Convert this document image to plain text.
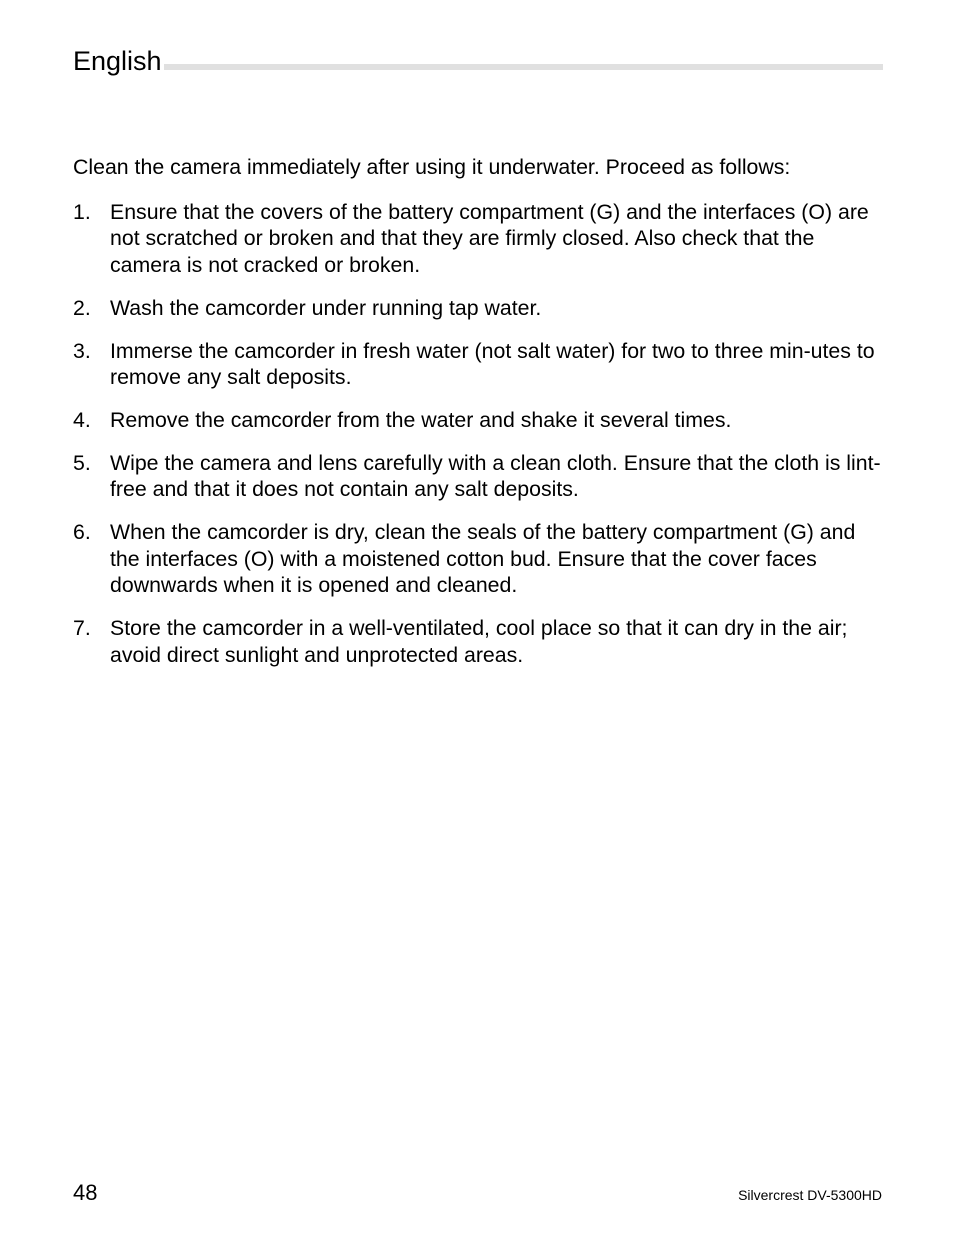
English

Clean the camera immediately after using it underwater. Proceed as follows:

1. Ensure that the covers of the battery compartment (G) and the interfaces (O) are not scratched or broken and that they are firmly closed. Also check that the camera is not cracked or broken.
2. Wash the camcorder under running tap water.
3. Immerse the camcorder in fresh water (not salt water) for two to three min-utes to remove any salt deposits.
4. Remove the camcorder from the water and shake it several times.
5. Wipe the camera and lens carefully with a clean cloth. Ensure that the cloth is lint-free and that it does not contain any salt deposits.
6. When the camcorder is dry, clean the seals of the battery compartment (G) and the interfaces (O) with a moistened cotton bud. Ensure that the cover faces downwards when it is opened and cleaned.
7. Store the camcorder in a well-ventilated, cool place so that it can dry in the air; avoid direct sunlight and unprotected areas.
48	Silvercrest DV-5300HD
